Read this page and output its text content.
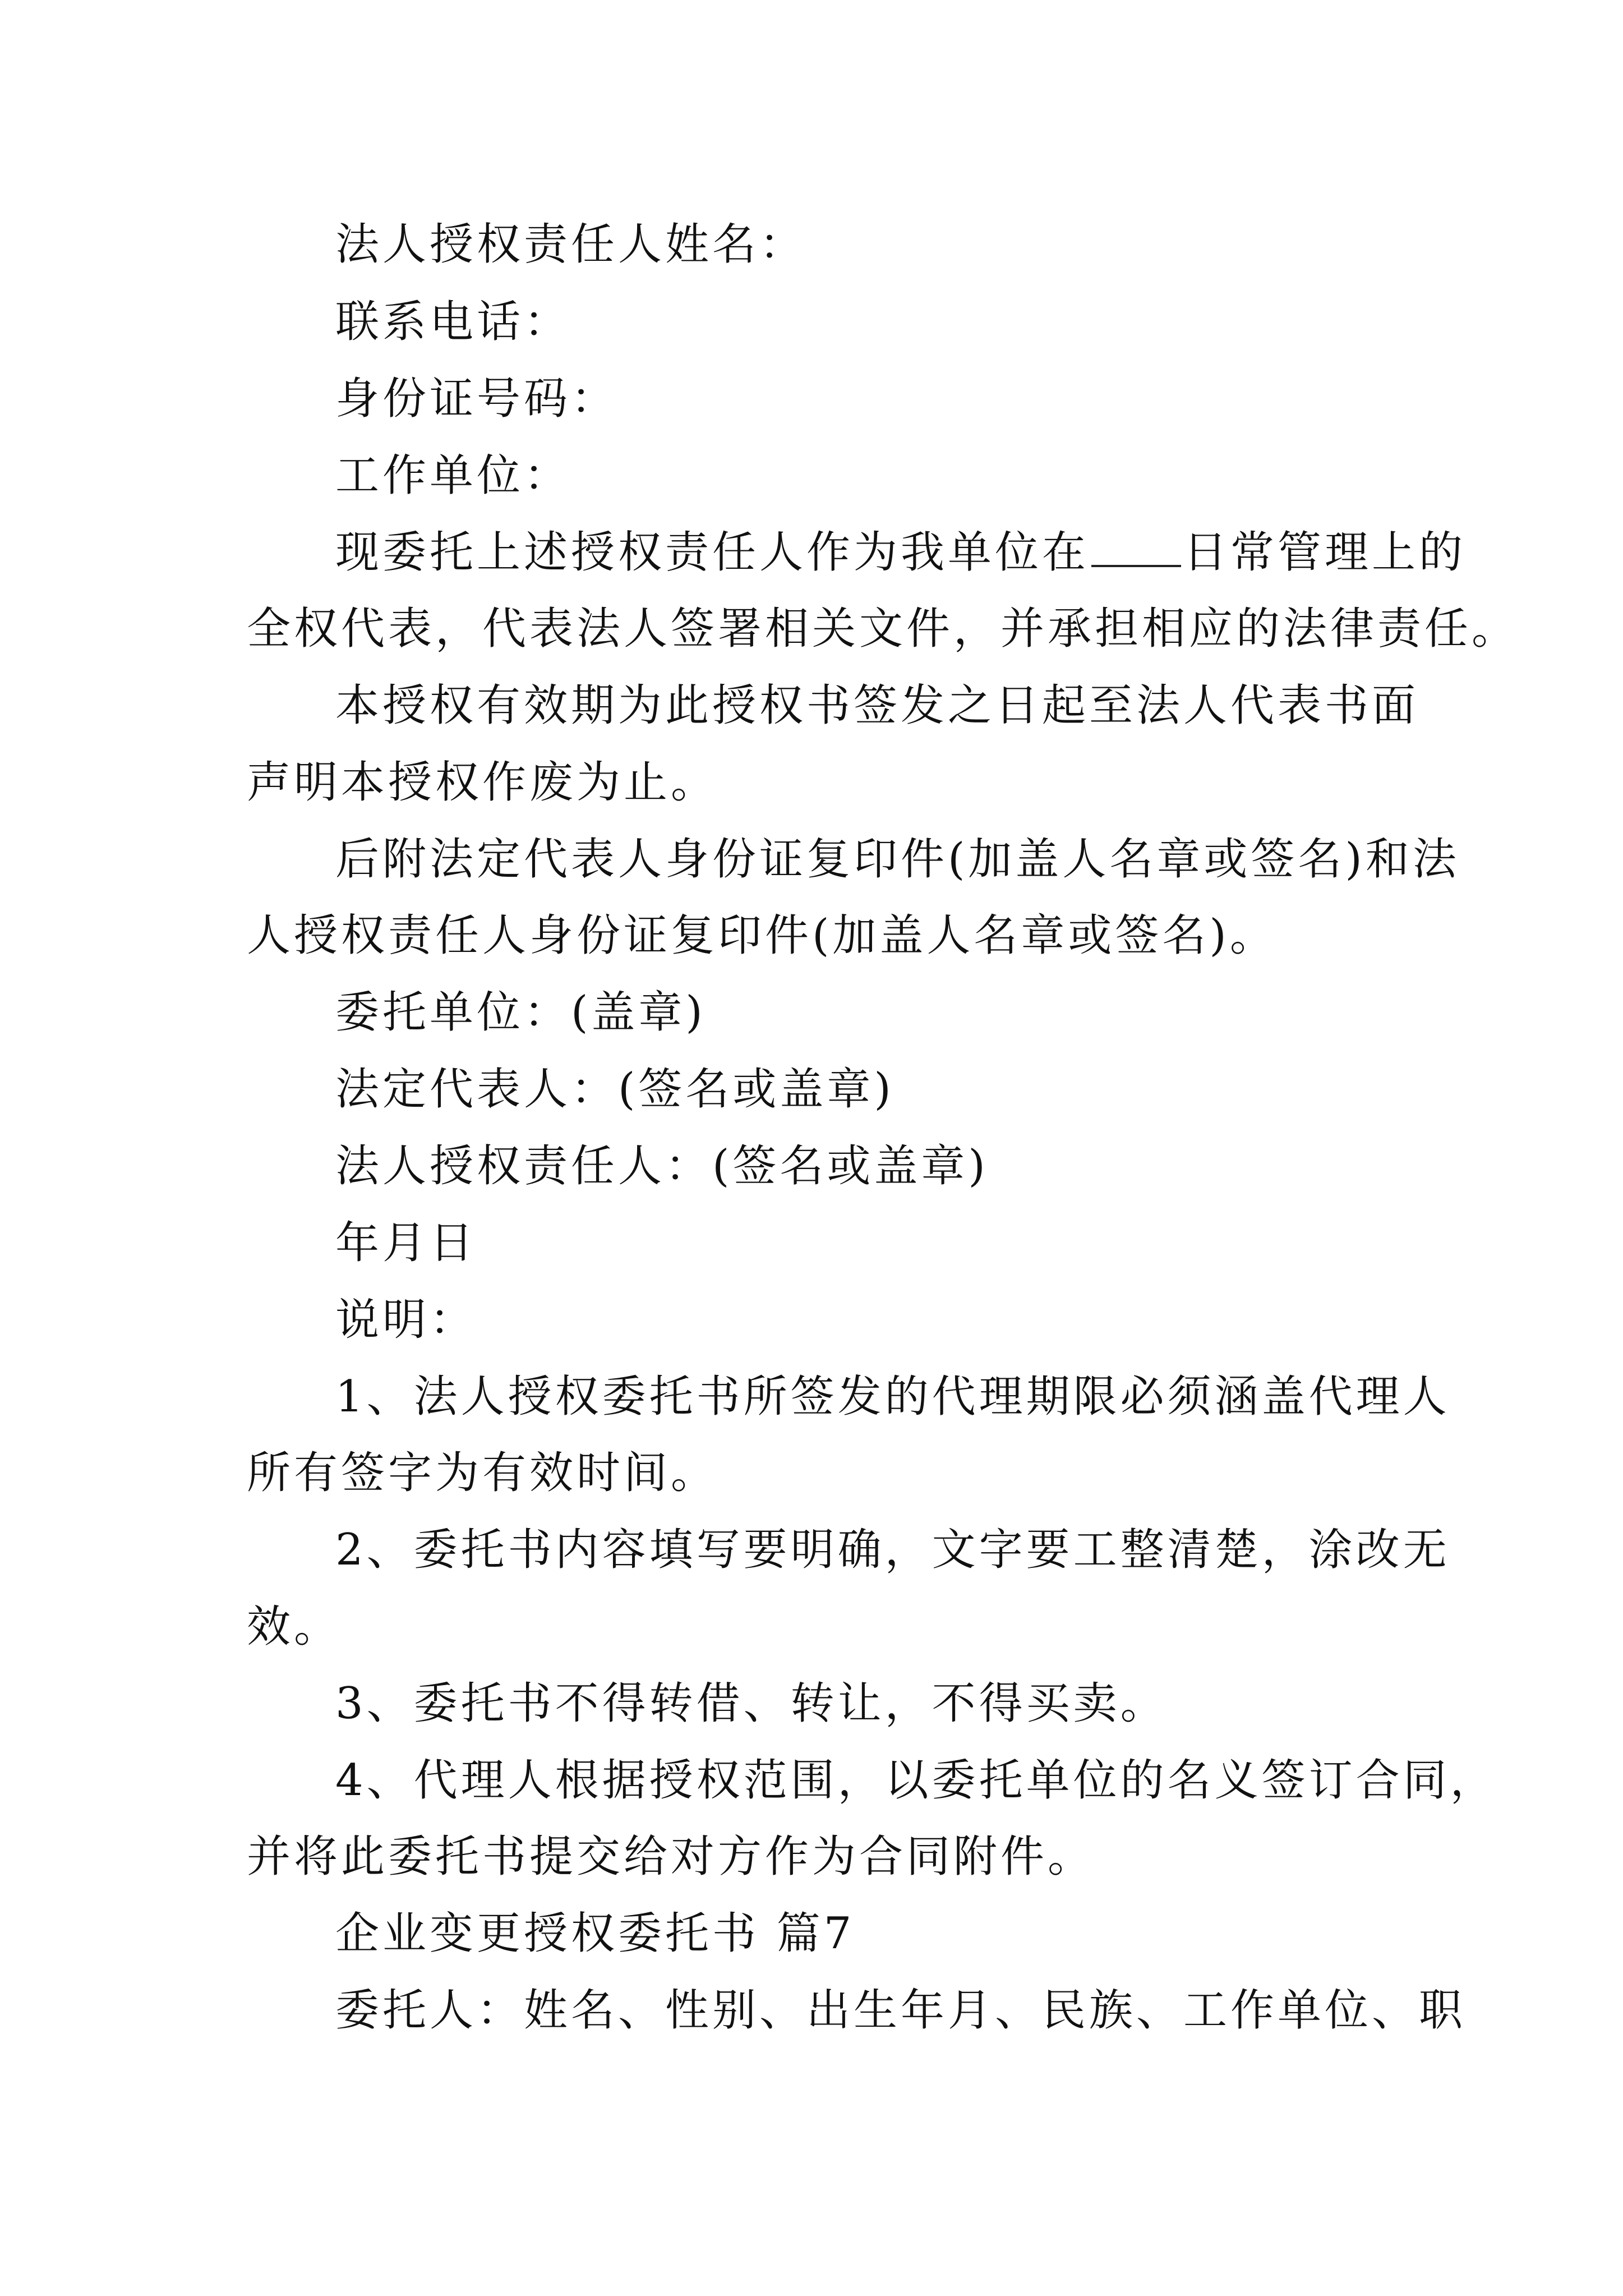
法人授权责任人姓名：
联系电话：
身份证号码：
工作单位：
现委托上述授权责任人作为我单位在 日常管理上的
全权代表，代表法人签署相关文件，并承担相应的法律责任。
本授权有效期为此授权书签发之日起至法人代表书面
声明本授权作废为止。
后附法定代表人身份证复印件(加盖人名章或签名)和法
人授权责任人身份证复印件(加盖人名章或签名)。
委托单位：(盖章)
法定代表人：(签名或盖章)
法人授权责任人：(签名或盖章)
年月日
说明：
1、法人授权委托书所签发的代理期限必须涵盖代理人
所有签字为有效时间。
2、委托书内容填写要明确，文字要工整清楚，涂改无
效。
3、委托书不得转借、转让，不得买卖。
4、代理人根据授权范围，以委托单位的名义签订合同，
并将此委托书提交给对方作为合同附件。
企业变更授权委托书 篇7
委托人：姓名、性别、出生年月、民族、工作单位、职
